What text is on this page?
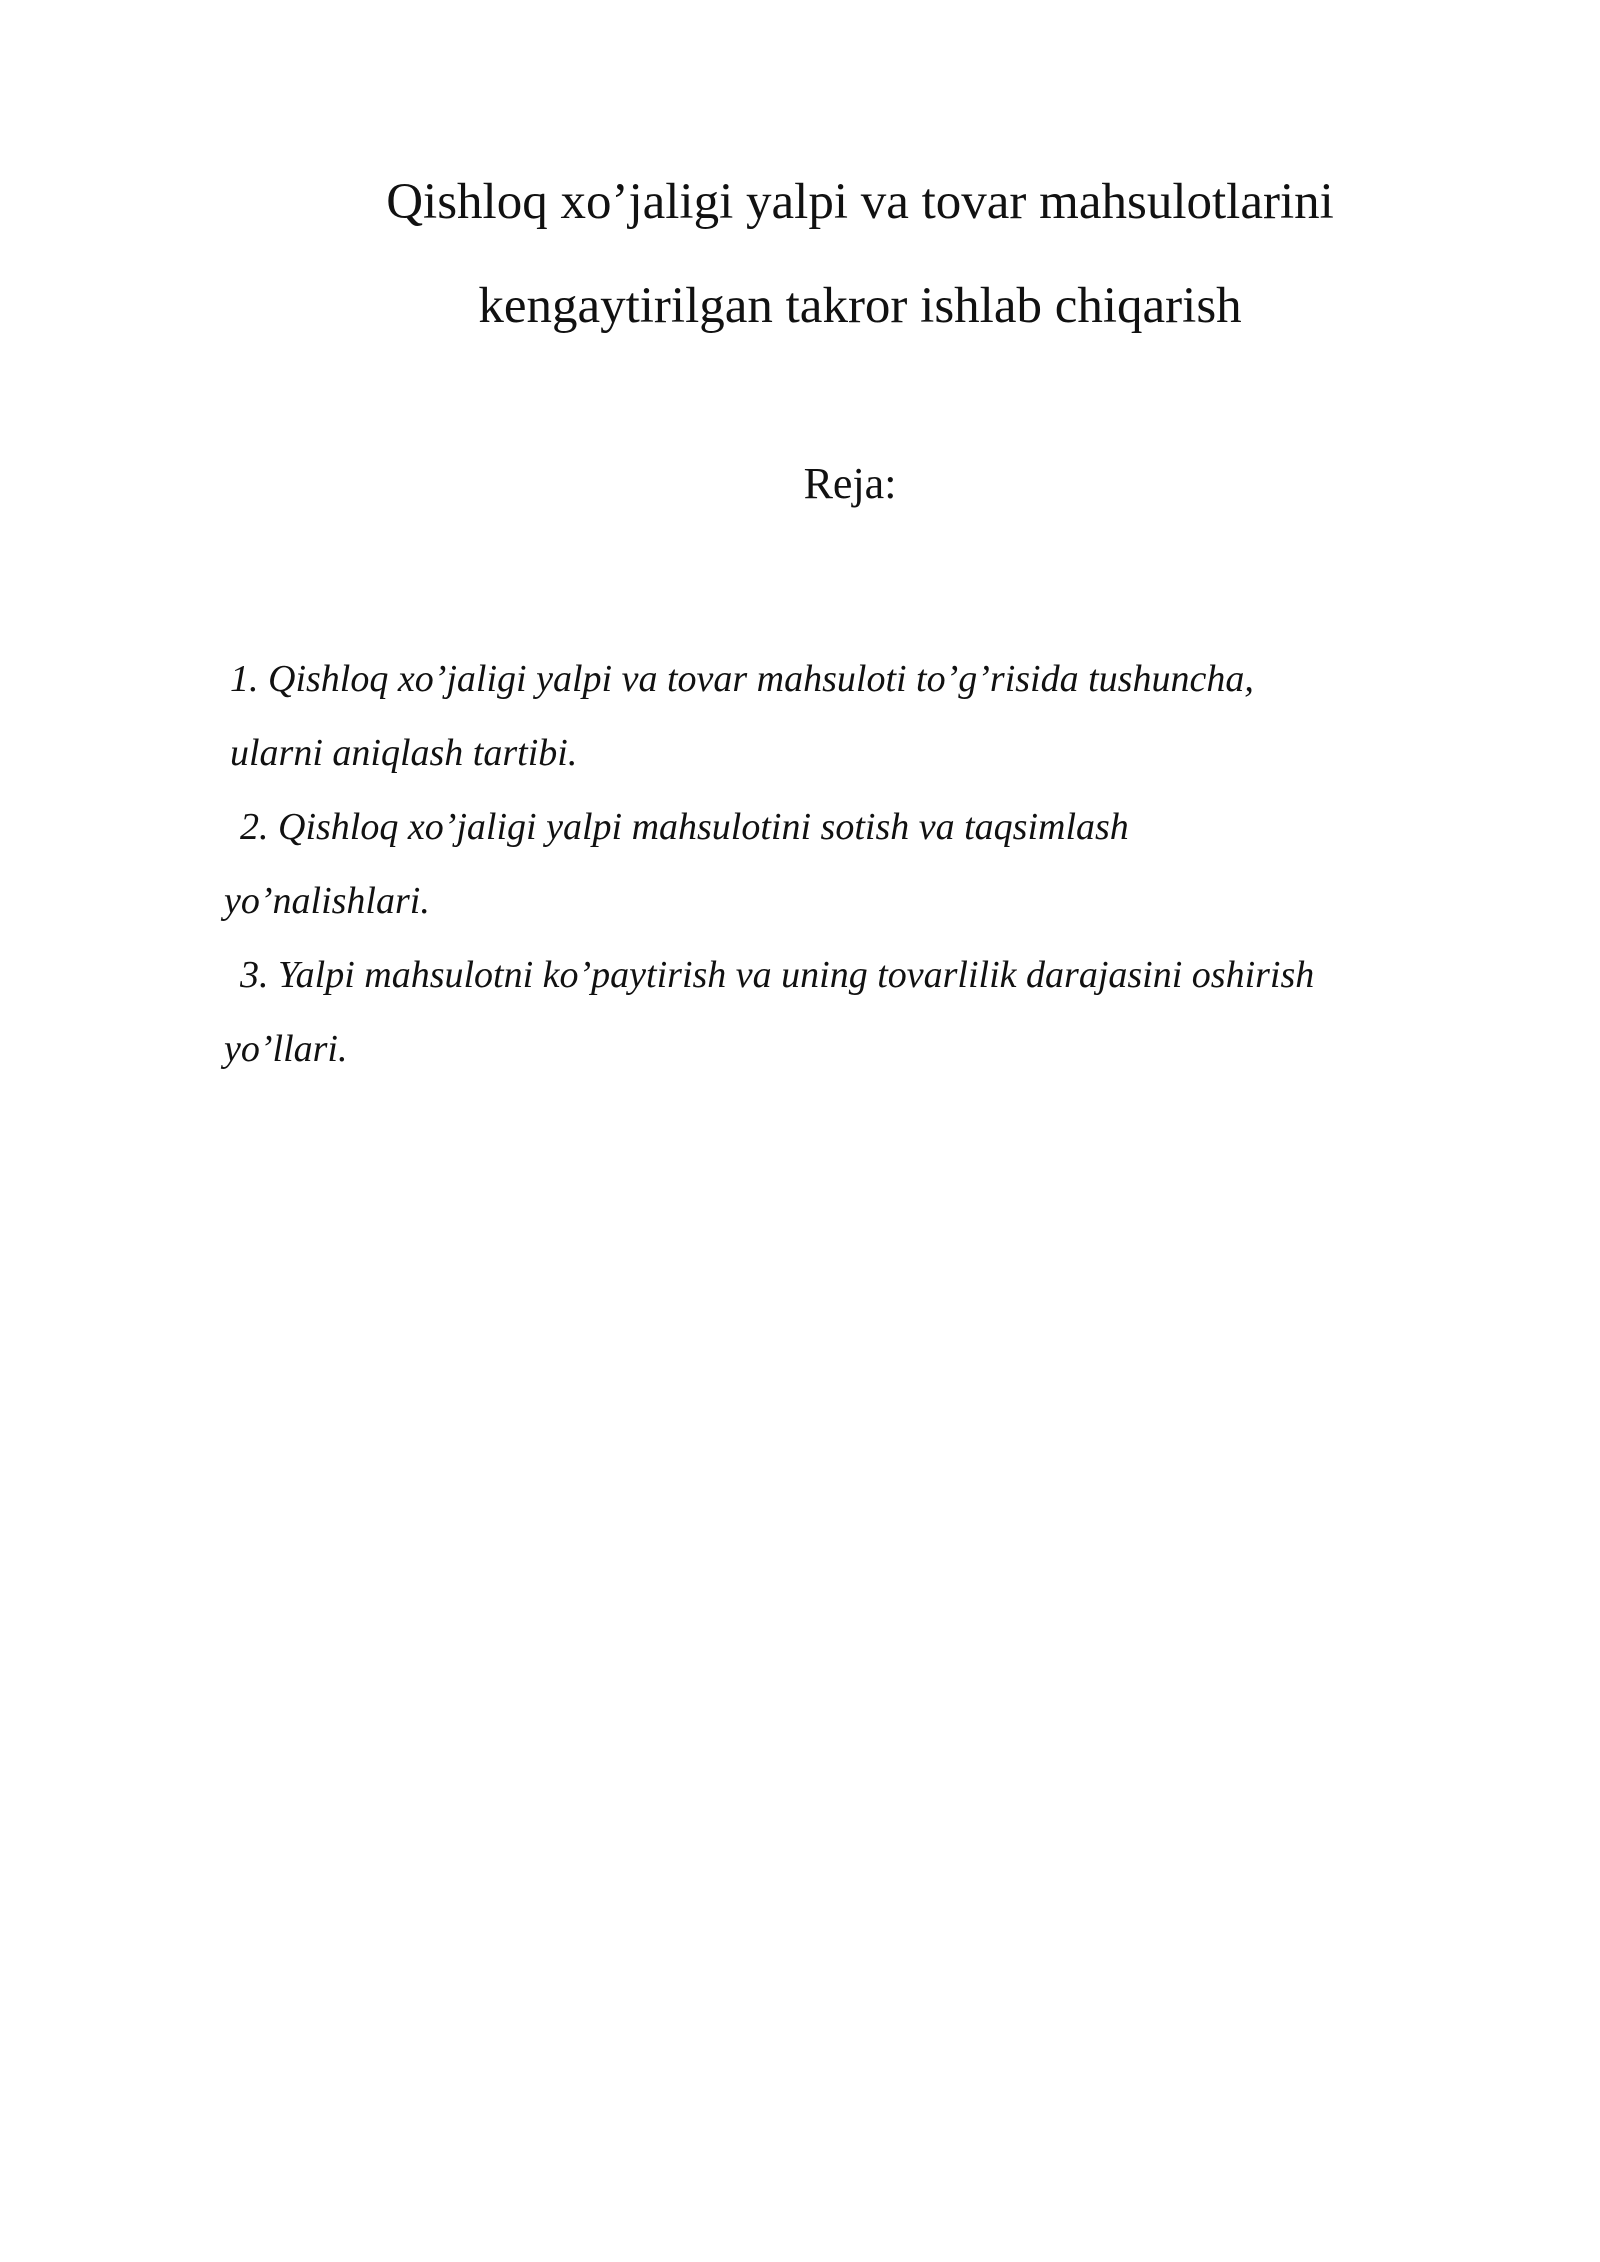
Qishloq xo’jaligi yalpi va tovar mahsulotlarini
kengaytirilgan takror ishlab chiqarish
Reja:
1. Qishloq xo’jaligi yalpi va tovar mahsuloti to’g’risida tushuncha,
ularni aniqlash tartibi.
2. Qishloq xo’jaligi yalpi mahsulotini sotish va taqsimlash
yo’nalishlari.
3. Yalpi mahsulotni ko’paytirish va uning tovarlilik darajasini oshirish
yo’llari.
